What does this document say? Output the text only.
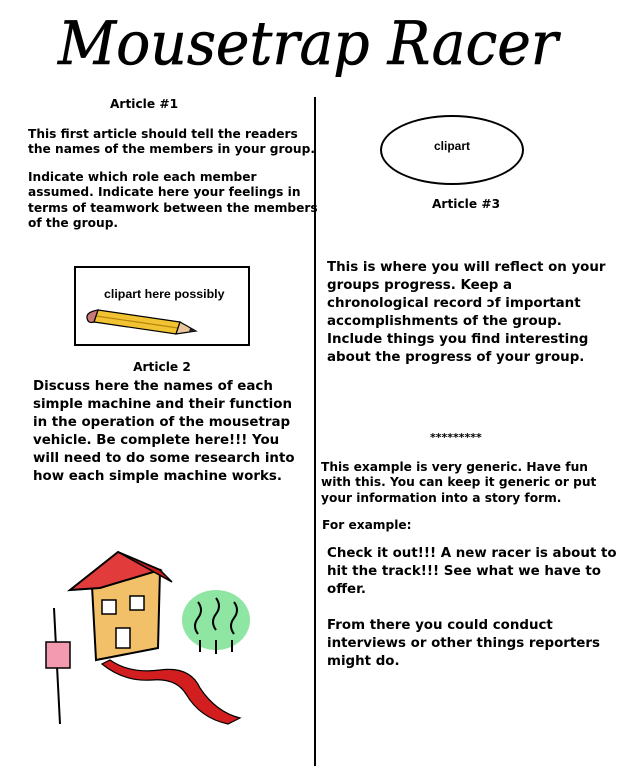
Mousetrap Racer
Article #1
This first article should tell the readers
the names of the members in your group.
Indicate which role each member
assumed. Indicate here your feelings in
terms of teamwork between the members
of the group.
clipart here possibly
Article 2
Discuss here the names of each
simple machine and their function
in the operation of the mousetrap
vehicle. Be complete here!!! You
will need to do some research into
how each simple machine works.
clipart
Article #3
This is where you will reflect on your
groups progress. Keep a
chronological record ɔf important
accomplishments of the group.
Include things you find interesting
about the progress of your group.
*********
This example is very generic. Have fun
with this. You can keep it generic or put
your information into a story form.
For example:
Check it out!!! A new racer is about to
hit the track!!! See what we have to
offer.
From there you could conduct
interviews or other things reporters
might do.
